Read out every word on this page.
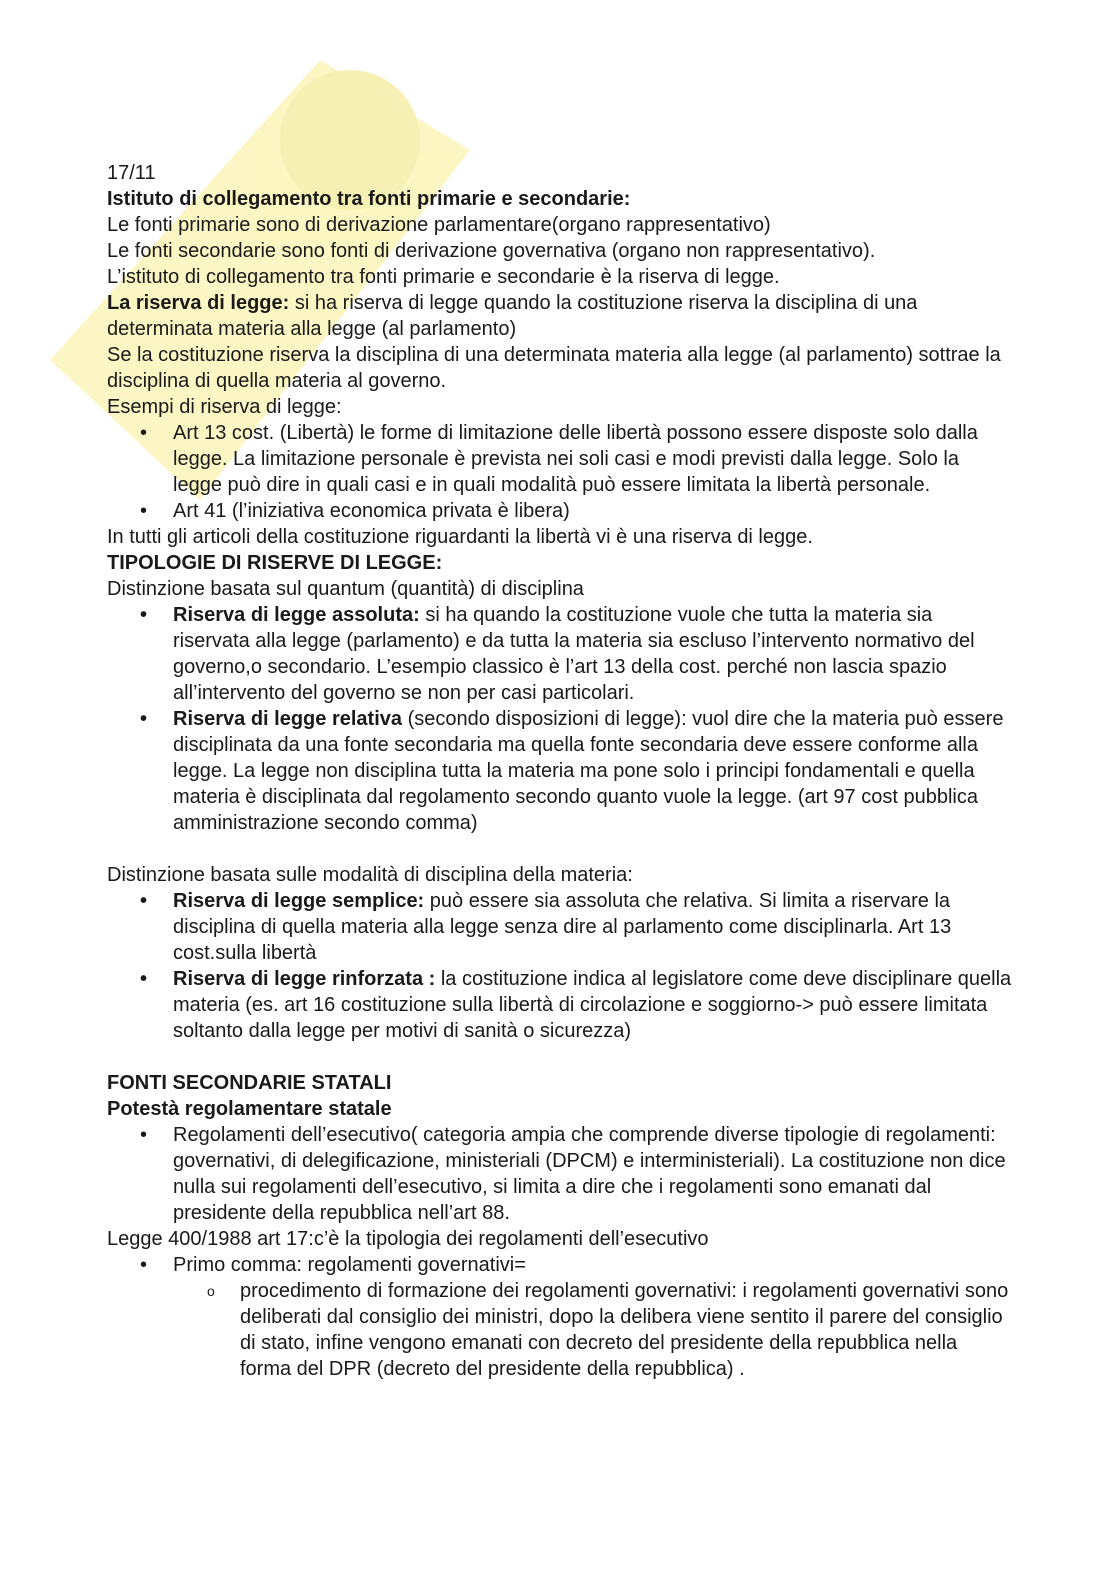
17/11

Istituto di collegamento tra fonti primarie e secondarie:

Le fonti primarie sono di derivazione parlamentare(organo rappresentativo)

Le fonti secondarie sono fonti di derivazione governativa (organo non rappresentativo).

L’istituto di collegamento tra fonti primarie e secondarie è la riserva di legge.

La riserva di legge: si ha riserva di legge quando la costituzione riserva la disciplina di una determinata materia alla legge (al parlamento)

Se la costituzione riserva la disciplina di una determinata materia alla legge (al parlamento) sottrae la disciplina di quella materia al governo.

Esempi di riserva di legge:

• Art 13 cost. (Libertà) le forme di limitazione delle libertà possono essere disposte solo dalla legge. La limitazione personale è prevista nei soli casi e modi previsti dalla legge. Solo la legge può dire in quali casi e in quali modalità può essere limitata la libertà personale.
• Art 41 (l’iniziativa economica privata è libera)

In tutti gli articoli della costituzione riguardanti la libertà vi è una riserva di legge.

TIPOLOGIE DI RISERVE DI LEGGE:

Distinzione basata sul quantum (quantità) di disciplina

• Riserva di legge assoluta: si ha quando la costituzione vuole che tutta la materia sia riservata alla legge (parlamento) e da tutta la materia sia escluso l’intervento normativo del governo,o secondario. L’esempio classico è l’art 13 della cost. perché non lascia spazio all’intervento del governo se non per casi particolari.
• Riserva di legge relativa (secondo disposizioni di legge): vuol dire che la materia può essere disciplinata da una fonte secondaria ma quella fonte secondaria deve essere conforme alla legge. La legge non disciplina tutta la materia ma pone solo i principi fondamentali e quella materia è disciplinata dal regolamento secondo quanto vuole la legge. (art 97 cost pubblica amministrazione secondo comma)

Distinzione basata sulle modalità di disciplina della materia:

• Riserva di legge semplice: può essere sia assoluta che relativa. Si limita a riservare la disciplina di quella materia alla legge senza dire al parlamento come disciplinarla. Art 13 cost.sulla libertà
• Riserva di legge rinforzata : la costituzione indica al legislatore come deve disciplinare quella materia (es. art 16 costituzione sulla libertà di circolazione e soggiorno-> può essere limitata soltanto dalla legge per motivi di sanità o sicurezza)

FONTI SECONDARIE STATALI

Potestà regolamentare statale

• Regolamenti dell’esecutivo( categoria ampia che comprende diverse tipologie di regolamenti: governativi, di delegificazione, ministeriali (DPCM) e interministeriali). La costituzione non dice nulla sui regolamenti dell’esecutivo, si limita a dire che i regolamenti sono emanati dal presidente della repubblica nell’art 88.

Legge 400/1988 art 17:c’è la tipologia dei regolamenti dell’esecutivo

• Primo comma: regolamenti governativi=
o procedimento di formazione dei regolamenti governativi: i regolamenti governativi sono deliberati dal consiglio dei ministri, dopo la delibera viene sentito il parere del consiglio di stato, infine vengono emanati con decreto del presidente della repubblica nella forma del DPR (decreto del presidente della repubblica) .
